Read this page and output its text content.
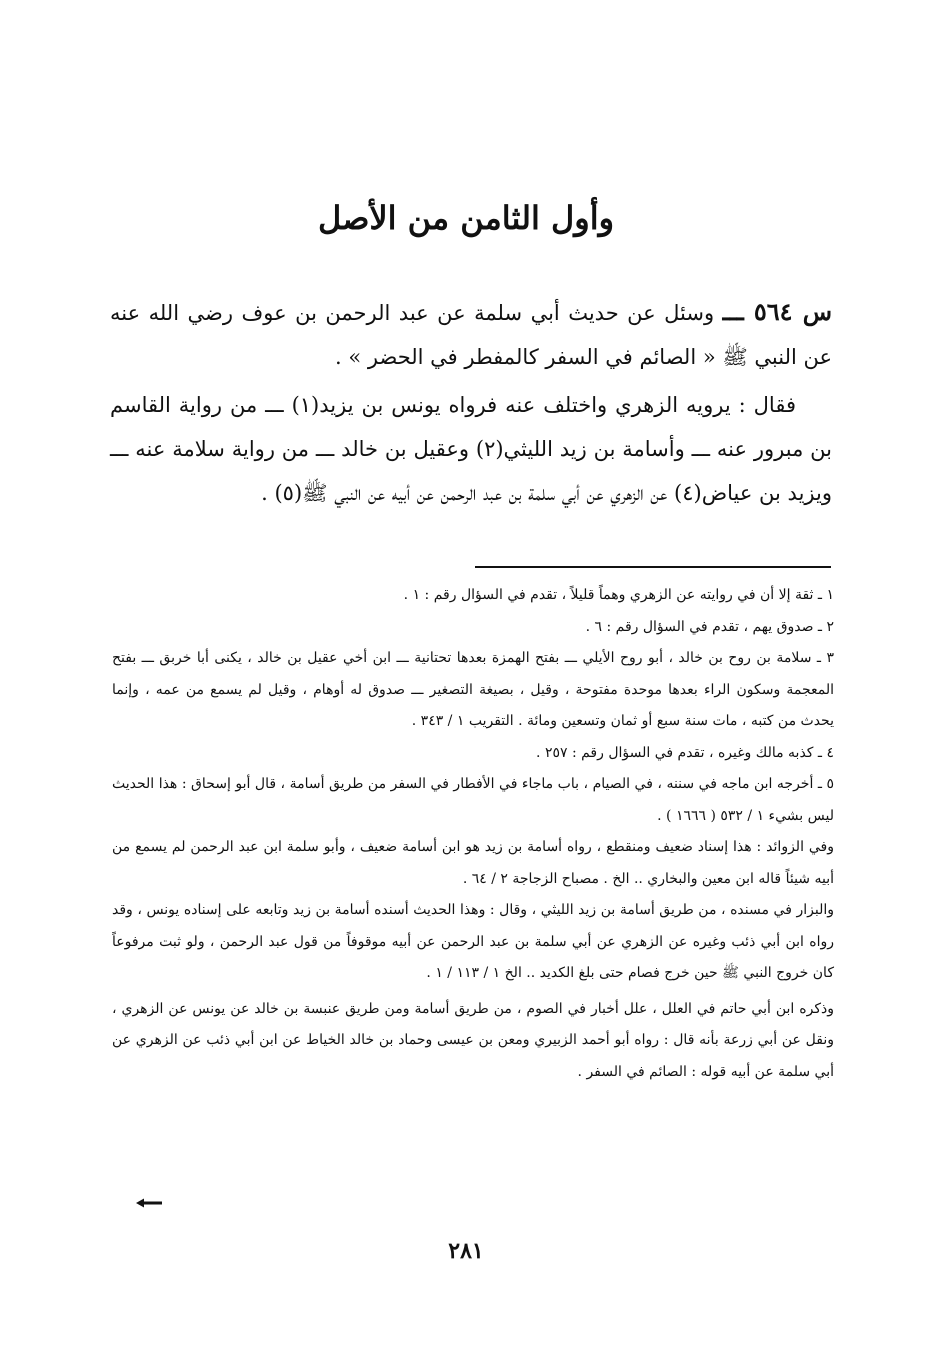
وأول الثامن من الأصل

س ٥٦٤ ـــ وسئل عن حديث أبي سلمة عن عبد الرحمن بن عوف رضي الله عنه عن النبي ﷺ « الصائم في السفر كالمفطر في الحضر » .

فقال : يرويه الزهري واختلف عنه فرواه يونس بن يزيد(١) ـــ من رواية القاسم بن مبرور عنه ـــ وأسامة بن زيد الليثي(٢) وعقيل بن خالد ـــ من رواية سلامة عنه ـــ ويزيد بن عياض(٤) عن الزهري عن أبي سلمة بن عبد الرحمن عن أبيه عن النبي ﷺ(٥) .

١ ـ ثقة إلا أن في روايته عن الزهري وهماً قليلاً ، تقدم في السؤال رقم : ١ .

٢ ـ صدوق يهم ، تقدم في السؤال رقم : ٦ .

٣ ـ سلامة بن روح بن خالد ، أبو روح الأيلي ـــ بفتح الهمزة بعدها تحتانية ـــ ابن أخي عقيل بن خالد ، يكنى أبا خربق ـــ بفتح المعجمة وسكون الراء بعدها موحدة مفتوحة ، وقيل ، بصيغة التصغير ـــ صدوق له أوهام ، وقيل لم يسمع من عمه ، وإنما يحدث من كتبه ، مات سنة سبع أو ثمان وتسعين ومائة . التقريب ١ / ٣٤٣ .

٤ ـ كذبه مالك وغيره ، تقدم في السؤال رقم : ٢٥٧ .

٥ ـ أخرجه ابن ماجه في سننه ، في الصيام ، باب ماجاء في الأفطار في السفر من طريق أسامة ، قال أبو إسحاق : هذا الحديث ليس بشيء ١ / ٥٣٢ ( ١٦٦٦ ) .

وفي الزوائد : هذا إسناد ضعيف ومنقطع ، رواه أسامة بن زيد هو ابن أسامة ضعيف ، وأبو سلمة ابن عبد الرحمن لم يسمع من أبيه شيئاً قاله ابن معين والبخاري .. الخ . مصباح الزجاجة ٢ / ٦٤ .

والبزار في مسنده ، من طريق أسامة بن زيد الليثي ، وقال : وهذا الحديث أسنده أسامة بن زيد وتابعه على إسناده يونس ، وقد رواه ابن أبي ذئب وغيره عن الزهري عن أبي سلمة بن عبد الرحمن عن أبيه موقوفاً من قول عبد الرحمن ، ولو ثبت مرفوعاً كان خروج النبي ﷺ حين خرج فصام حتى بلغ الكديد .. الخ ١ / ١١٣ / ١ .

وذكره ابن أبي حاتم في العلل ، علل أخبار في الصوم ، من طريق أسامة ومن طريق عنبسة بن خالد عن يونس عن الزهري ، ونقل عن أبي زرعة بأنه قال : رواه أبو أحمد الزبيري ومعن بن عيسى وحماد بن خالد الخياط عن ابن أبي ذئب عن الزهري عن أبي سلمة عن أبيه قوله : الصائم في السفر .

٢٨١
